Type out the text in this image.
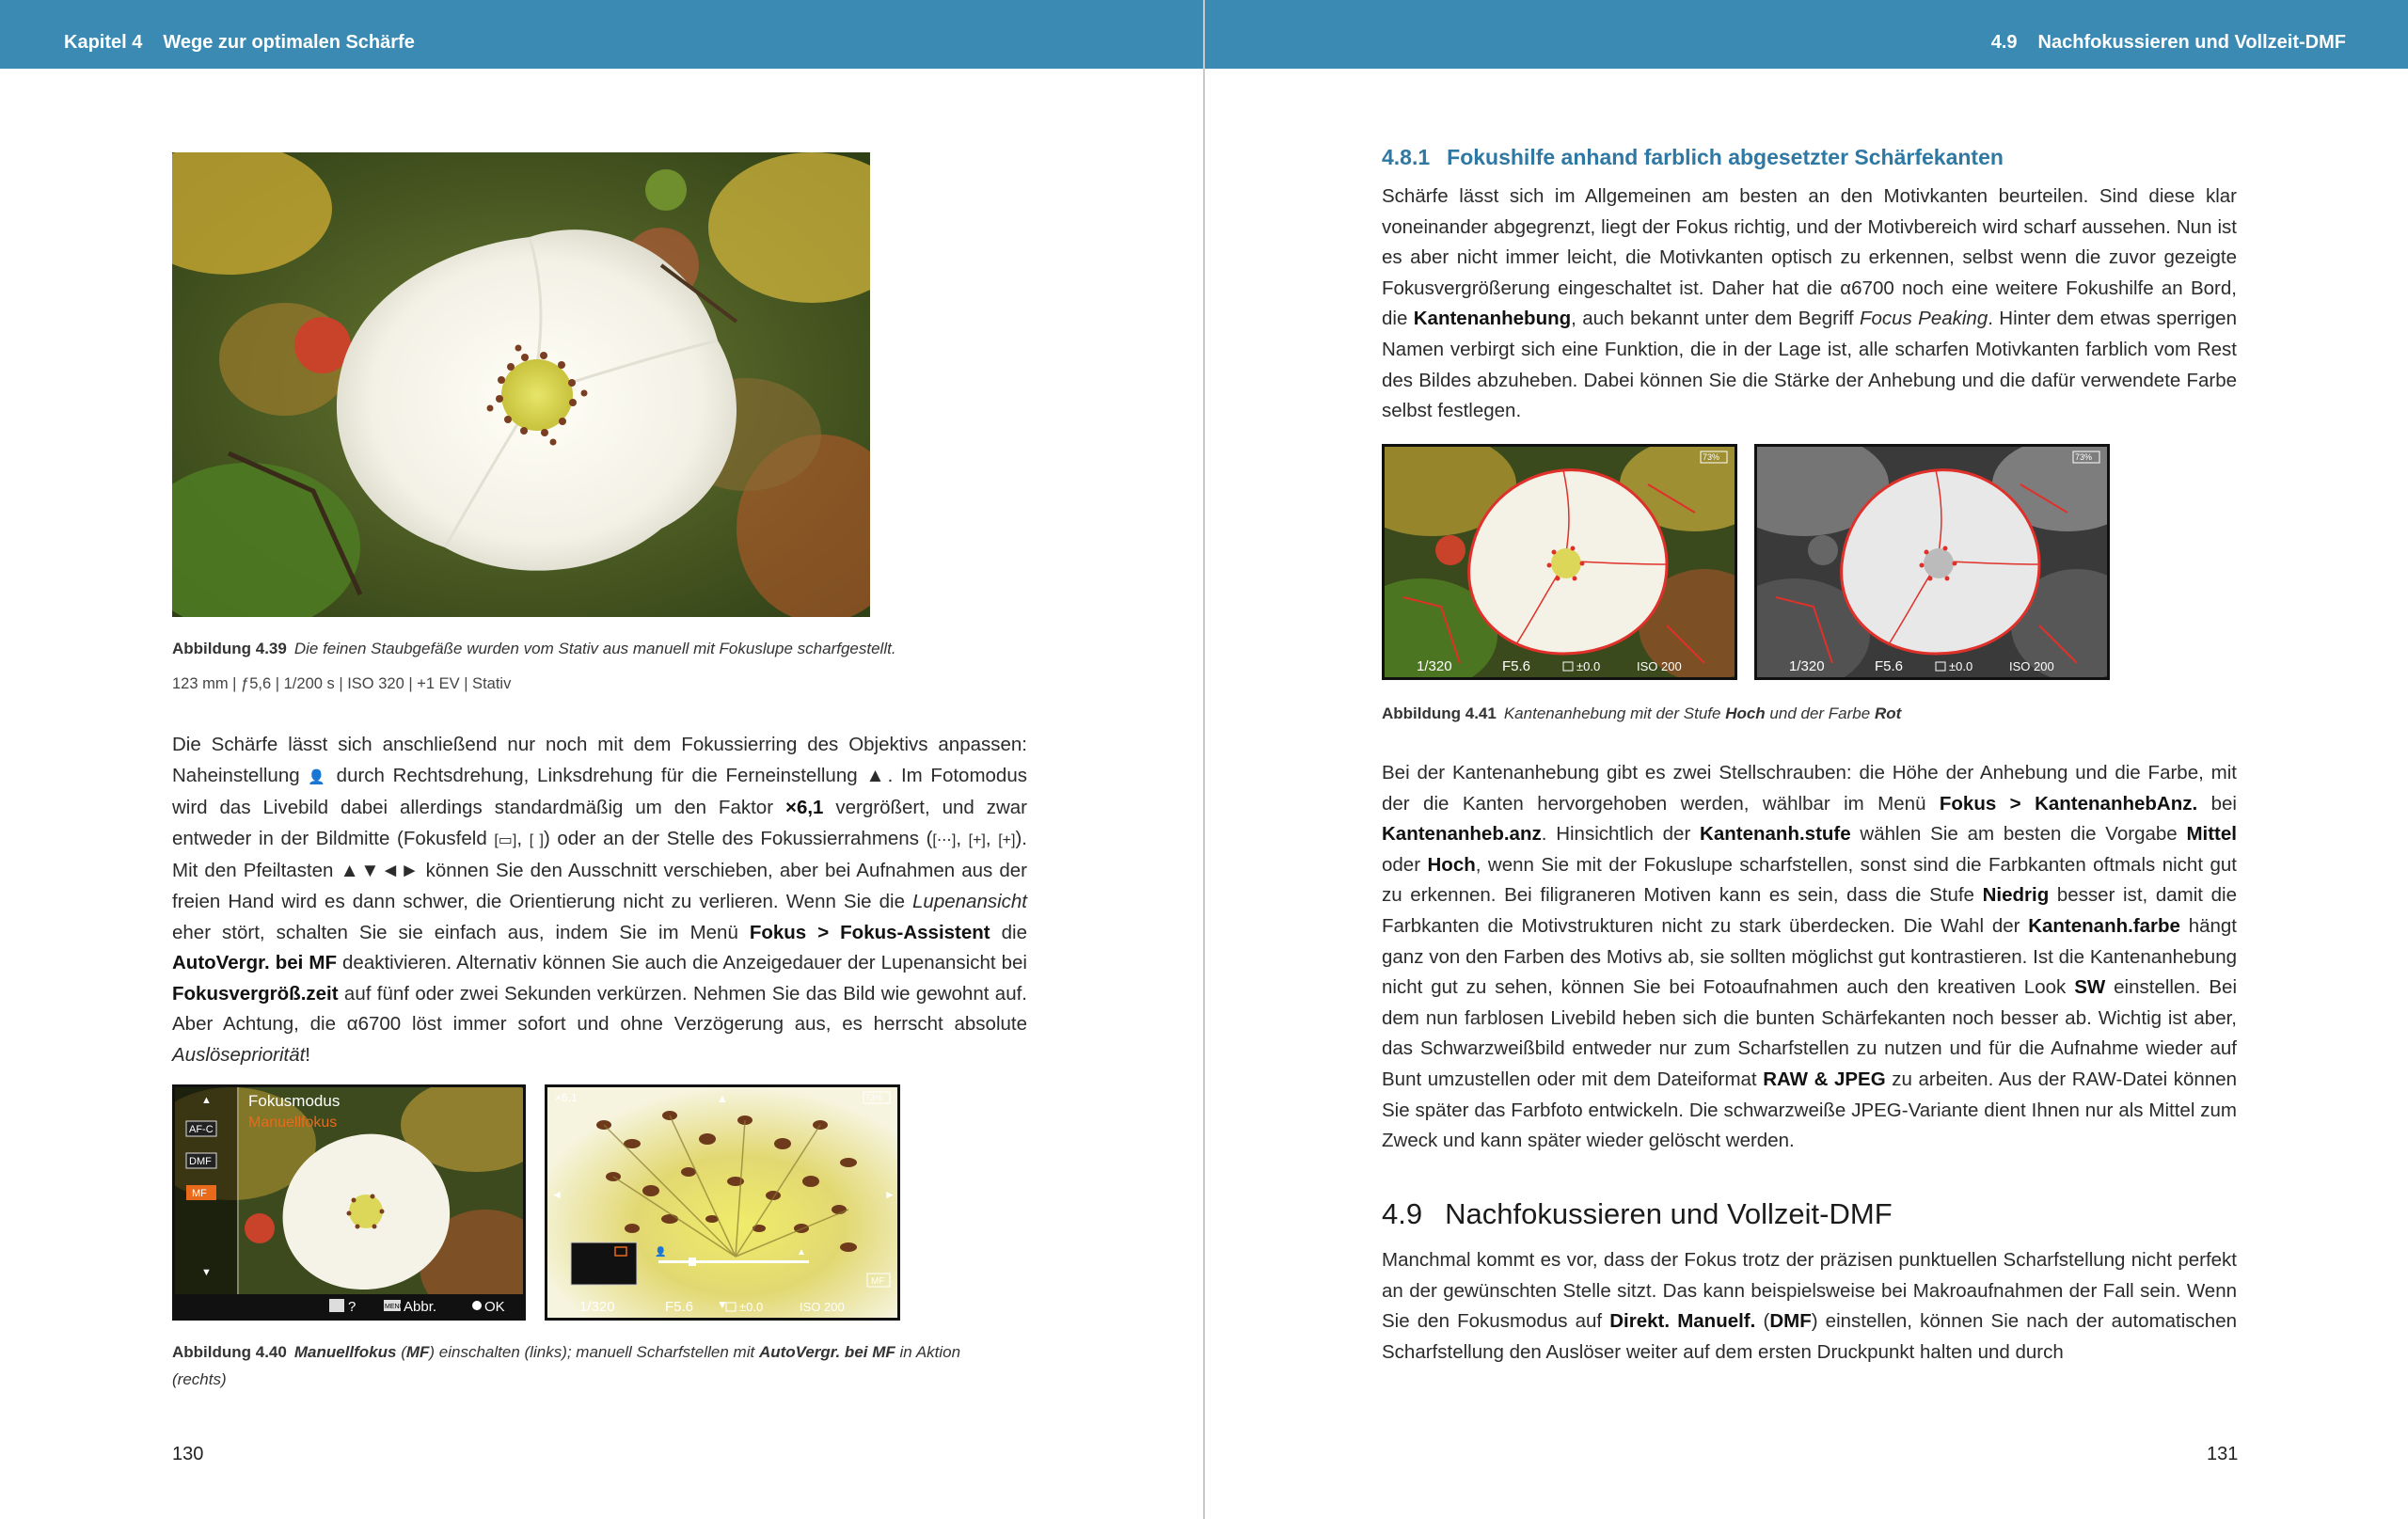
Kapitel 4 Wege zur optimalen Schärfe
Abbildung 4.39 Die feinen Staubgefäße wurden vom Stativ aus manuell mit Fokuslupe scharfgestellt.
123 mm | ƒ5,6 | 1/200 s | ISO 320 | +1 EV | Stativ

Die Schärfe lässt sich anschließend nur noch mit dem Fokussierring des Objektivs anpassen: Naheinstellung 👤 durch Rechtsdrehung, Linksdrehung für die Ferneinstellung ▲. Im Fotomodus wird das Livebild dabei allerdings standardmäßig um den Faktor ×6,1 vergrößert, und zwar entweder in der Bildmitte (Fokusfeld [▭], [ ]) oder an der Stelle des Fokussierrahmens ([⋯], [+], [+]). Mit den Pfeiltasten ▲▼◄► können Sie den Ausschnitt verschieben, aber bei Aufnahmen aus der freien Hand wird es dann schwer, die Orientierung nicht zu verlieren. Wenn Sie die Lupenansicht eher stört, schalten Sie sie einfach aus, indem Sie im Menü Fokus > Fokus-Assistent die AutoVergr. bei MF deaktivieren. Alternativ können Sie auch die Anzeigedauer der Lupenansicht bei Fokusvergröß.zeit auf fünf oder zwei Sekunden verkürzen. Nehmen Sie das Bild wie gewohnt auf. Aber Achtung, die α6700 löst immer sofort und ohne Verzögerung aus, es herrscht absolute Auslösepriorität!

Fokusmodus
Manuellfokus
▲
AF-C
DMF
MF
▼
?	MENU Abbr.	OK
×6.1	73%
▲
▼
◄	►
👤	▲
MF
1/320	F5.6	±0.0	ISO 200
Abbildung 4.40 Manuellfokus (MF) einschalten (links); manuell Scharfstellen mit AutoVergr. bei MF in Aktion (rechts)
130
4.9 Nachfokussieren und Vollzeit-DMF
4.8.1 Fokushilfe anhand farblich abgesetzter Schärfekanten

Schärfe lässt sich im Allgemeinen am besten an den Motivkanten beurteilen. Sind diese klar voneinander abgegrenzt, liegt der Fokus richtig, und der Motivbereich wird scharf aussehen. Nun ist es aber nicht immer leicht, die Motivkanten optisch zu erkennen, selbst wenn die zuvor gezeigte Fokusvergrößerung eingeschaltet ist. Daher hat die α6700 noch eine weitere Fokushilfe an Bord, die Kantenanhebung, auch bekannt unter dem Begriff Focus Peaking. Hinter dem etwas sperrigen Namen verbirgt sich eine Funktion, die in der Lage ist, alle scharfen Motivkanten farblich vom Rest des Bildes abzuheben. Dabei können Sie die Stärke der Anhebung und die dafür verwendete Farbe selbst festlegen.

73%
1/320	F5.6	±0.0	ISO 200
73%
1/320	F5.6	±0.0	ISO 200
Abbildung 4.41 Kantenanhebung mit der Stufe Hoch und der Farbe Rot

Bei der Kantenanhebung gibt es zwei Stellschrauben: die Höhe der Anhebung und die Farbe, mit der die Kanten hervorgehoben werden, wählbar im Menü Fokus > KantenanhebAnz. bei Kantenanheb.anz. Hinsichtlich der Kantenanh.stufe wählen Sie am besten die Vorgabe Mittel oder Hoch, wenn Sie mit der Fokuslupe scharfstellen, sonst sind die Farbkanten oftmals nicht gut zu erkennen. Bei filigraneren Motiven kann es sein, dass die Stufe Niedrig besser ist, damit die Farbkanten die Motivstrukturen nicht zu stark überdecken. Die Wahl der Kantenanh.farbe hängt ganz von den Farben des Motivs ab, sie sollten möglichst gut kontrastieren. Ist die Kantenanhebung nicht gut zu sehen, können Sie bei Fotoaufnahmen auch den kreativen Look SW einstellen. Bei dem nun farblosen Livebild heben sich die bunten Schärfekanten noch besser ab. Wichtig ist aber, das Schwarzweißbild entweder nur zum Scharfstellen zu nutzen und für die Aufnahme wieder auf Bunt umzustellen oder mit dem Dateiformat RAW & JPEG zu arbeiten. Aus der RAW-Datei können Sie später das Farbfoto entwickeln. Die schwarzweiße JPEG-Variante dient Ihnen nur als Mittel zum Zweck und kann später wieder gelöscht werden.

4.9 Nachfokussieren und Vollzeit-DMF

Manchmal kommt es vor, dass der Fokus trotz der präzisen punktuellen Scharfstellung nicht perfekt an der gewünschten Stelle sitzt. Das kann beispielsweise bei Makroaufnahmen der Fall sein. Wenn Sie den Fokusmodus auf Direkt. Manuelf. (DMF) einstellen, können Sie nach der automatischen Scharfstellung den Auslöser weiter auf dem ersten Druckpunkt halten und durch

131
